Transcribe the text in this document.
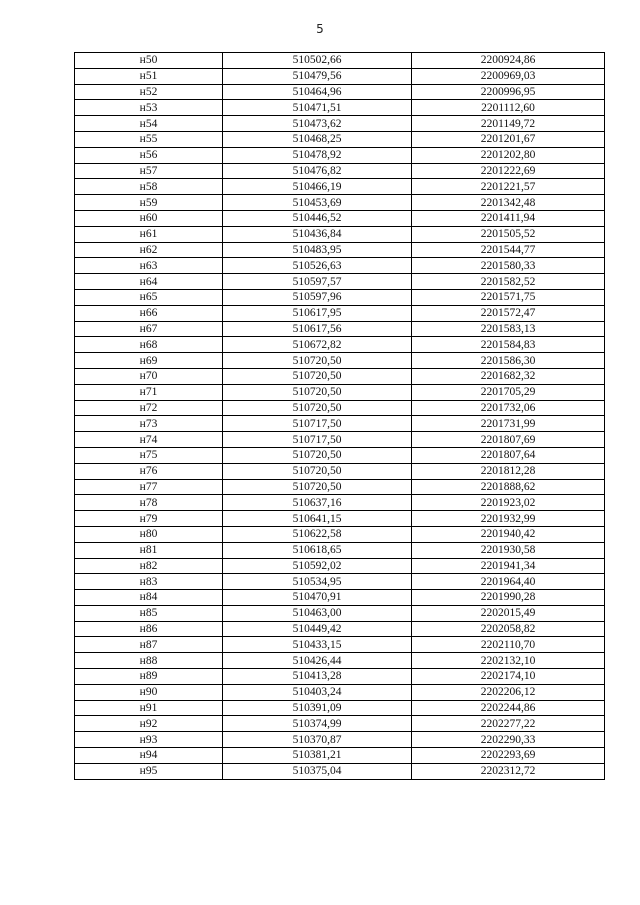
5
н50	510502,66	2200924,86
н51	510479,56	2200969,03
н52	510464,96	2200996,95
н53	510471,51	2201112,60
н54	510473,62	2201149,72
н55	510468,25	2201201,67
н56	510478,92	2201202,80
н57	510476,82	2201222,69
н58	510466,19	2201221,57
н59	510453,69	2201342,48
н60	510446,52	2201411,94
н61	510436,84	2201505,52
н62	510483,95	2201544,77
н63	510526,63	2201580,33
н64	510597,57	2201582,52
н65	510597,96	2201571,75
н66	510617,95	2201572,47
н67	510617,56	2201583,13
н68	510672,82	2201584,83
н69	510720,50	2201586,30
н70	510720,50	2201682,32
н71	510720,50	2201705,29
н72	510720,50	2201732,06
н73	510717,50	2201731,99
н74	510717,50	2201807,69
н75	510720,50	2201807,64
н76	510720,50	2201812,28
н77	510720,50	2201888,62
н78	510637,16	2201923,02
н79	510641,15	2201932,99
н80	510622,58	2201940,42
н81	510618,65	2201930,58
н82	510592,02	2201941,34
н83	510534,95	2201964,40
н84	510470,91	2201990,28
н85	510463,00	2202015,49
н86	510449,42	2202058,82
н87	510433,15	2202110,70
н88	510426,44	2202132,10
н89	510413,28	2202174,10
н90	510403,24	2202206,12
н91	510391,09	2202244,86
н92	510374,99	2202277,22
н93	510370,87	2202290,33
н94	510381,21	2202293,69
н95	510375,04	2202312,72
